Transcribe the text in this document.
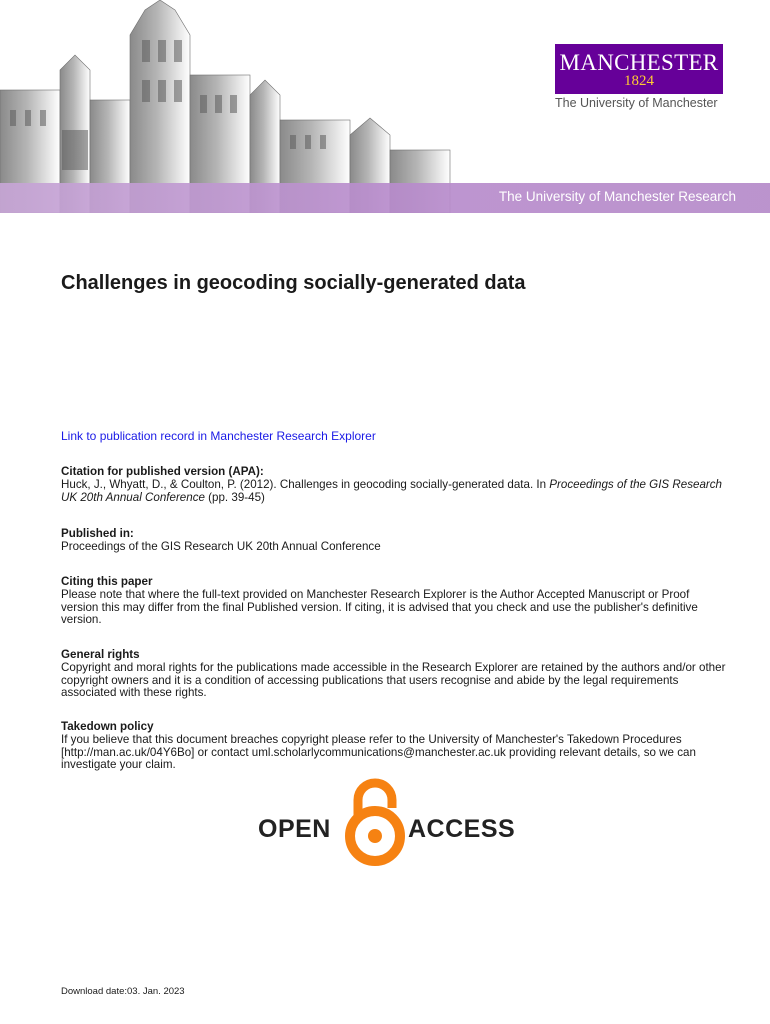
MANCHESTER
1824
The University of Manchester
The University of Manchester Research
Challenges in geocoding socially-generated data
Link to publication record in Manchester Research Explorer
Citation for published version (APA):

Huck, J., Whyatt, D., & Coulton, P. (2012). Challenges in geocoding socially-generated data. In Proceedings of the GIS Research UK 20th Annual Conference (pp. 39-45)

Published in:

Proceedings of the GIS Research UK 20th Annual Conference

Citing this paper

Please note that where the full-text provided on Manchester Research Explorer is the Author Accepted Manuscript or Proof version this may differ from the final Published version. If citing, it is advised that you check and use the publisher's definitive version.

General rights

Copyright and moral rights for the publications made accessible in the Research Explorer are retained by the authors and/or other copyright owners and it is a condition of accessing publications that users recognise and abide by the legal requirements associated with these rights.

Takedown policy

If you believe that this document breaches copyright please refer to the University of Manchester's Takedown Procedures [http://man.ac.uk/04Y6Bo] or contact uml.scholarlycommunications@manchester.ac.uk providing relevant details, so we can investigate your claim.

OPEN	ACCESS
Download date:03. Jan. 2023
